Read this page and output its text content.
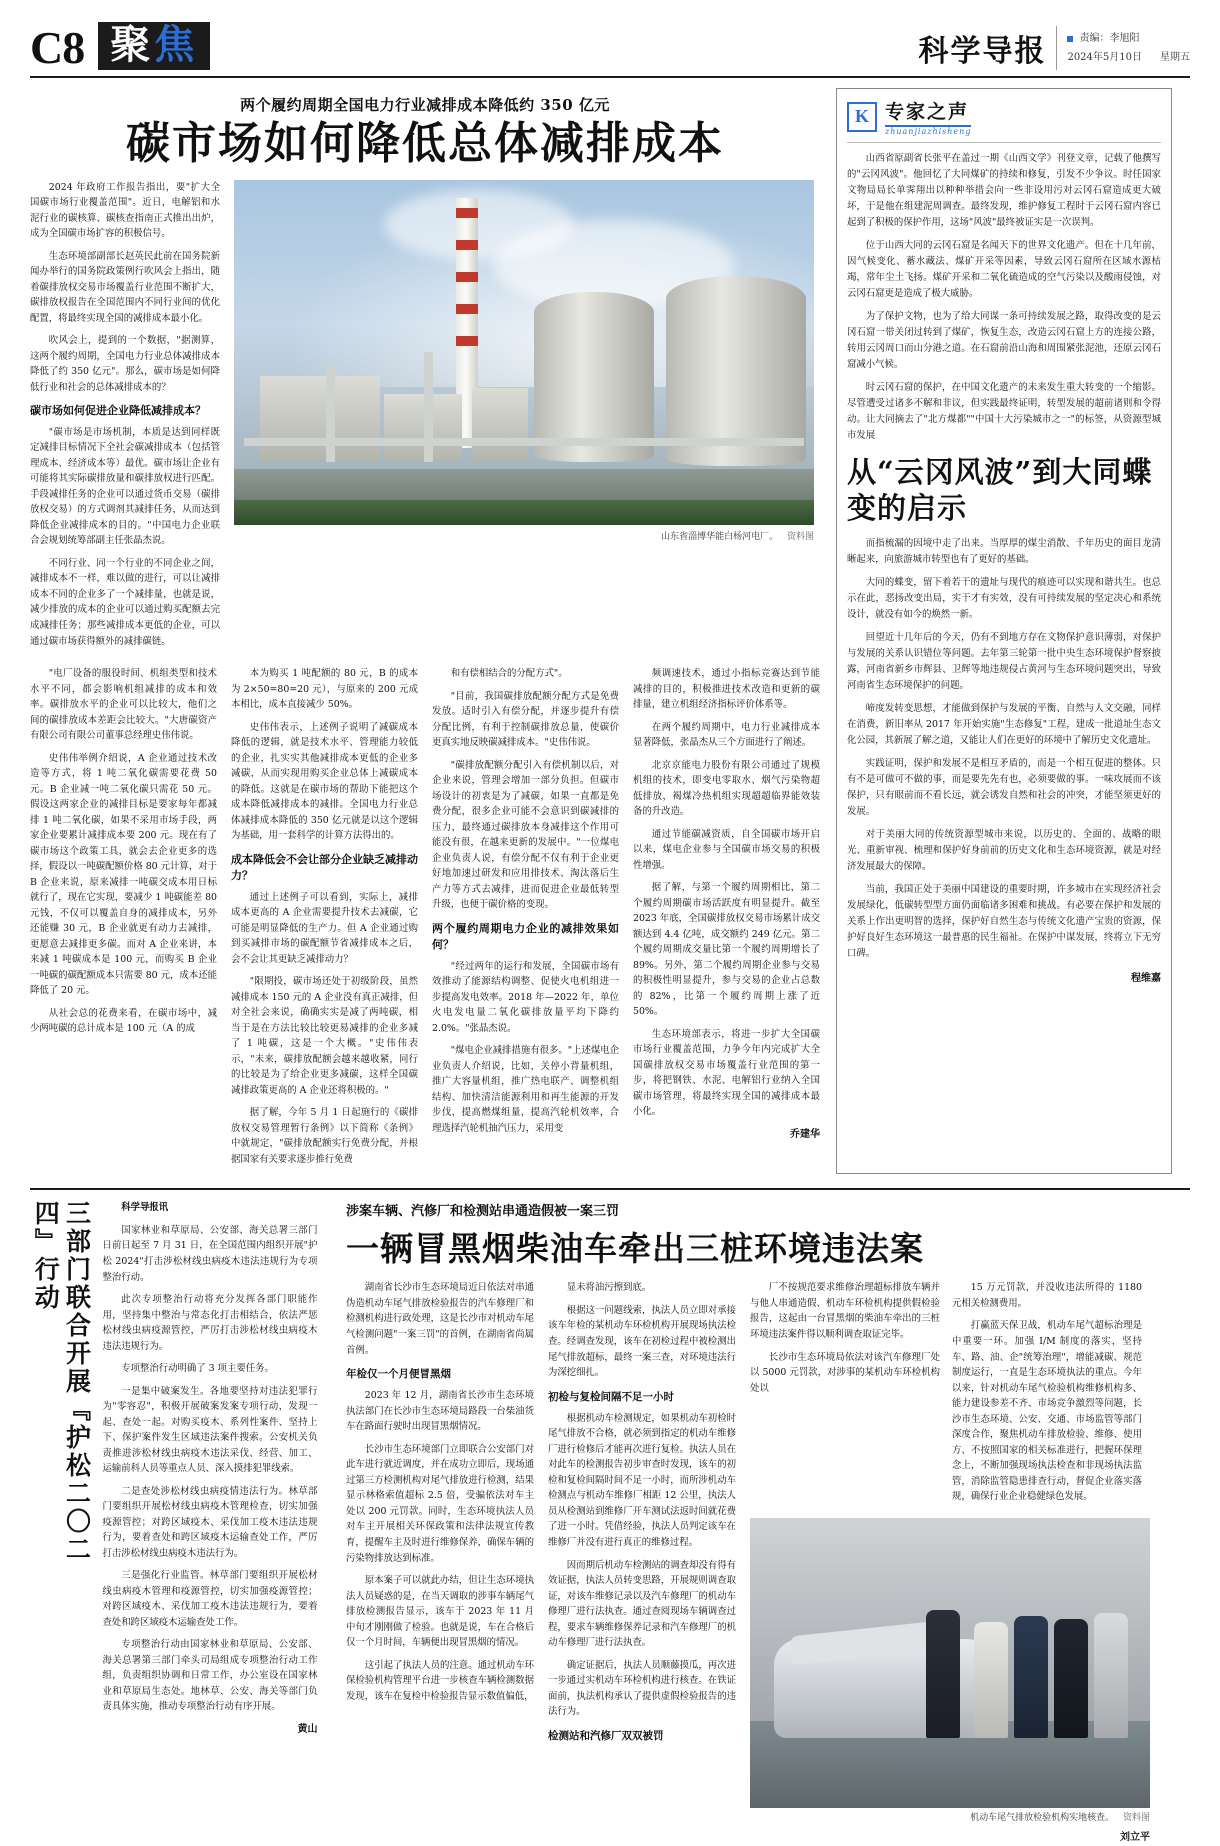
C8 聚焦	科学导报	责编：李旭阳
2024年5月10日 星期五
两个履约周期全国电力行业减排成本降低约 350 亿元
碳市场如何降低总体减排成本

2024 年政府工作报告指出，要"扩大全国碳市场行业覆盖范围"。近日，电解铝和水泥行业的碳核算、碳核查指南正式推出出炉，成为全国碳市场扩容的积极信号。

生态环境部副部长赵英民此前在国务院新闻办举行的国务院政策例行吹风会上指出，随着碳排放权交易市场覆盖行业范围不断扩大，碳排放权报告在全国范围内不同行业间的优化配置，将最终实现全国的减排成本最小化。

吹风会上，提到的一个数据，"据测算，这两个履约周期，全国电力行业总体减排成本降低了约 350 亿元"。那么，碳市场是如何降低行业和社会的总体减排成本的？

碳市场如何促进企业降低减排成本？

"碳市场是市场机制，本质是达到同样既定减排目标情况下全社会碳减排成本（包括管理成本、经济成本等）最优。碳市场让企业有可能将其实际碳排放量和碳排放权进行匹配。手段减排任务的企业可以通过货币交易（碳排放权交易）的方式调剂其减排任务，从而达到降低企业减排成本的目的。"中国电力企业联合会规划统筹部副主任张晶杰说。

不同行业、同一个行业的不同企业之间，减排成本不一样，难以做的进行，可以让减排成本不同的企业多了一个减排量，也就是说，减少排放的成本的企业可以通过购买配额去完成减排任务；那些减排成本更低的企业，可以通过碳市场获得额外的减排碳链。

山东省淄博华能白杨河电厂。 资料图

"电厂设备的服役时间、机组类型和技术水平不同，都会影响机组减排的成本和效率。碳排放水平的企业可以比较大，他们之间的碳排放成本差距会比较大。"大唐碳资产有限公司有限公司董事总经理史伟伟说。

史伟伟举例介绍说，A 企业通过技术改造等方式，将 1 吨二氧化碳需要花费 50 元。B 企业减一吨二氧化碳只需花 50 元。假设这两家企业的减排目标是要家每年都减排 1 吨二氧化碳，如果不采用市场手段，两家企业要累计减排成本要 200 元。现在有了碳市场这个政策工具，就会去企业更多的选择，假设以一吨碳配额价格 80 元计算，对于 B 企业来说，原来减排一吨碳交成本用日标就行了，现在它实现，要减少 1 吨碳能差 80 元钱，不仅可以覆盖自身的减排成本，另外还能赚 30 元，B 企业就更有动力去减排，更愿意去减排更多碳。而对 A 企业来讲，本来减 1 吨碳成本是 100 元，而购买 B 企业一吨碳的碳配额成本只需要 80 元，成本还能降低了 20 元。

从社会总的花费来看，在碳市场中，减少两吨碳的总计成本是 100 元（A 的成

本为购买 1 吨配额的 80 元，B 的成本为 2×50=80=20 元），与原来的 200 元成本相比，成本直接减少 50%。

史伟伟表示，上述例子说明了减碳成本降低的逻辑，就是技术水平、管理能力较低的企业，扎实实其他减排成本更低的企业多减碳，从而实现用购买企业总体上减碳成本的降低。这就是在碳市场的帮助下能把这个成本降低减排成本的减排。全国电力行业总体减排成本降低的 350 亿元就是以这个逻辑为基础，用一套科学的计算方法得出的。

成本降低会不会让部分企业缺乏减排动力？

通过上述例子可以看到，实际上，减排成本更高的 A 企业需要提升技术去减碳，它可能是明显降低的生产力。但 A 企业通过购到买减排市场的碳配额节省减排成本之后，会不会让其更缺乏减排动力？

"限期投，碳市场还处于初级阶段，虽然减排成本 150 元的 A 企业没有真正减排，但对全社会来说，确确实实是减了两吨碳，相当于是在方法比较比较更易减排的企业多减了 1 吨碳，这是一个大概。"史伟伟表示，"未来，碳排放配额会越来越收紧，同行的比较是为了给企业更多减碳，这样全国碳减排政策更高的 A 企业还将积极的。"

据了解，今年 5 月 1 日起施行的《碳排放权交易管理暂行条例》以下简称《条例》中就规定，"碳排放配额实行免费分配，并根据国家有关要求逐步推行免费

和有偿相结合的分配方式"。

"目前，我国碳排放配额分配方式是免费发放。适时引入有偿分配，并逐步提升有偿分配比例，有利于控制碳排放总量，使碳价更真实地反映碳减排成本。"史伟伟说。

"碳排放配额分配引入有偿机制以后，对企业来说，管理会增加一部分负担。但碳市场设计的初衷是为了减碳，如果一直都是免费分配，很多企业可能不会意识到碳减排的压力，最终通过碳排放本身减排这个作用可能没有很，在越来更新的发展中。"一位煤电企业负责人说，有偿分配不仅有利于企业更好地加速过研发和应用排技术、淘汰落后生产力等方式去减排，进而促进企业最低转型升级，也便于碳价格的变现。

两个履约周期电力企业的减排效果如何？

"经过两年的运行和发展，全国碳市场有效推动了能源结构调整、促使火电机组进一步提高发电效率。2018 年—2022 年，单位火电发电量二氧化碳排放量平均下降约 2.0%。"张晶杰说。

"煤电企业减排措施有很多。"上述煤电企业负责人介绍说，比如，关停小背量机组，推广大容量机组，推广热电联产、调整机组结构、加快清洁能源利用和再生能源的开发步伐，提高燃煤组量，提高汽轮机效率，合理选择汽轮机抽汽压力，采用变

频调速技术，通过小指标竞赛达到节能减排的目的，积极推进技术改造和更新的碳排量，建立机组经济指标评价体系等。

在两个履约周期中，电力行业减排成本显著降低，张晶杰从三个方面进行了阐述。

北京京能电力股份有限公司通过了规模机组的技术，即变电零取水、烟气污染物超低排放，褐煤冷热机组实现超超临界能效装备的升改造。

通过节能碳减资质，自全国碳市场开启以来，煤电企业参与全国碳市场交易的积极性增强。

据了解，与第一个履约周期相比，第二个履约周期碳市场活跃度有明显提升。截至 2023 年底，全国碳排放权交易市场累计成交额达到 4.4 亿吨，成交额约 249 亿元。第二个履约周期成交量比第一个履约周期增长了 89%。另外，第二个履约周期企业参与交易的积极性明显提升，参与交易的企业占总数的 82%，比第一个履约周期上涨了近 50%。

生态环境部表示，将进一步扩大全国碳市场行业覆盖范围，力争今年内完成扩大全国碳排放权交易市场覆盖行业范围的第一步，将把钢铁、水泥、电解铝行业纳入全国碳市场管理，将最终实现全国的减排成本最小化。

乔建华
K 专家之声
zhuanjiazhisheng

山西省原副省长张平在盖过一期《山西文学》刊登文章，记载了他撰写的"云冈风波"。他回忆了大同煤矿的持续和修复，引发不少争议。时任国家文物局局长单霁翔出以种种举措会向一些非设用污对云冈石窟造成更大破坏，于是他在组建泥周调查。最终发现，维护修复工程时于云冈石窟内容已起到了积极的保护作用，这场"风波"最终被证实是一次误判。

位于山西大同的云冈石窟是名闻天下的世界文化遗产。但在十几年前，因气候变化、蓄水藏法、煤矿开采等因素，导致云冈石窟所在区域水源枯竭，常年尘土飞扬。煤矿开采和二氧化硫造成的空气污染以及酸雨侵蚀，对云冈石窟更是造成了极大威胁。

为了保护文物，也为了给大同谋一条可持续发展之路，取得改变的是云冈石窟一带关闭过转到了煤矿，恢复生态，改造云冈石窟上方的连接公路，转用云冈周口而山分港之道。在石窟前沿山海和周围紧张泥池，还原云冈石窟减小气候。

时云冈石窟的保护，在中国文化遗产的未来发生重大转变的一个缩影。尽管遭受过诸多不解和非议，但实践最终证明，转型发展的超前诸则和令得动。让大同摘去了"北方煤都""中国十大污染城市之一"的标签，从资源型城市发展

从“云冈风波”到大同蝶变的启示

而指梳漏的因境中走了出来。当厚厚的煤尘消散、千年历史的面目龙清晰起来，向旅游城市转型也有了更好的基础。

大同的蝶变，留下着若干的遗址与现代的痕迹可以实现和谐共生。也总示在此，恶扬改变出局，实干才有实效，没有可持续发展的坚定决心和系统设计，就没有如今的焕然一新。

回望近十几年后的今天，仍有不到地方存在文物保护意识薄弱，对保护与发展的关系认识错位等问题。去年第三轮第一批中央生态环境保护督察披露，河南省新乡市辉县、卫辉等地违规侵占黄河与生态环境问题突出，导致河南省生态环境保护的问题。

啼度发转变思想，才能做到保护与发展的平衡、自然与人文交融，同样在消费，新旧率从 2017 年开始实施"生态修复"工程，建成一批道址生态文化公园，其新展了解之道，又能让人们在更好的环境中了解历史文化遗址。

实践证明，保护和发展不是相互矛盾的，而是一个相互促进的整体。只有不是可做可不做的事，而是要先先有也，必须要做的事。一味攻展而不该保护，只有眼前而不看长远，就会诱发自然和社会的冲突，才能坚须更好的发展。

对于美丽大同的传统资源型城市来说，以历史的、全面的、战略的眼光、重新审视、梳理和保护好身前前的历史文化和生态环境资源，就是对经济发展最大的保障。

当前，我国正处于美丽中国建设的重要时期，许多城市在实现经济社会发展绿化，低碳转型型方面仍面临诸多困难和挑战。有必要在保护和发展的关系上作出更明智的选择，保护好自然生态与传统文化遗产宝贵的资源，保护好良好生态环境这一最普惠的民生福祉。在保护中谋发展，终将立下无穷口碑。

程维嘉
三部门联合开展『护松二〇二四』行动	科学导报讯

国家林业和草原局、公安部、海关总署三部门日前日起至 7 月 31 日，在全国范围内组织开展"护松 2024"打击涉松材线虫病疫木违法违规行为专项整治行动。

此次专项整治行动将充分发挥各部门职能作用，坚持集中整治与常态化打击相结合，依法严惩松材线虫病疫源管控，严厉打击涉松材线虫病疫木违法违规行为。

专项整治行动明确了 3 项主要任务。

一是集中破案发生。各地要坚持对违法犯罪行为"零容忍"，积极开展破案发案专项行动，发现一起、查处一起。对购买疫木、系列性案件、坚持上下、保护案件发生区域违法案件搜索。公安机关负责推进涉松材线虫病疫木违法采伐、经营、加工、运输前科人员等重点人员、深入摸排犯罪线索。

二是查处涉松材线虫病疫情违法行为。林草部门要组织开展松材线虫病疫木管理检查，切实加强疫源管控；对跨区域疫木、采伐加工疫木违法违规行为，要着查处和跨区域疫木运输查处工作，严厉打击涉松材线虫病疫木违法行为。

三是强化行业监管。林草部门要组织开展松材线虫病疫木管理和疫源管控，切实加强疫源管控；对跨区域疫木、采伐加工疫木违法违规行为，要着查处和跨区域疫木运输查处工作。

专项整治行动由国家林业和草原局、公安部、海关总署第三部门牵头司局组成专项整治行动工作组，负责组织协调和日常工作，办公室设在国家林业和草原局生态处。地林草、公安、海关等部门负责具体实施，推动专项整治行动有序开展。

黄山
涉案车辆、汽修厂和检测站串通造假被一案三罚
一辆冒黑烟柴油车牵出三桩环境违法案

湖南省长沙市生态环境局近日依法对串通伪造机动车尾气排放检验报告的汽车修理厂和检测机构进行政处理，这是长沙市对机动车尾气检测问题"一案三罚"的首例，在湖南省尚属首例。

年检仅一个月便冒黑烟

2023 年 12 月，湖南省长沙市生态环境执法部门在长沙市生态环境局路段一台柴油货车在路面行驶时出现冒黑烟情况。

长沙市生态环境部门立即联合公安部门对此车进行就近调度，并在成功立即后，现场通过第三方检测机构对尾气排放进行检测，结果显示林格索值超标 2.5 倍，受骗依法对车主处以 200 元罚款。同时，生态环境执法人员对车主开展相关环保政策和法律法规宣传教育，提醒车主及时进行维修保养，确保车辆的污染物排放达到标准。

原本案子可以就此办结，但让生态环境执法人员疑惑的是，在当天调取的涉事车辆尾气排放检测报告显示，该车于 2023 年 11 月中旬才刚刚做了检验。也就是说，车在合格后仅一个月时间，车辆便出现冒黑烟的情况。

这引起了执法人员的注意。通过机动车环保检验机构管理平台进一步核查车辆检测数据发现，该车在复检中检验报告显示数值偏低，

显未将油污擦到底。

根据这一问题线索，执法人员立即对承接该车年检的某机动车环检机构开展现场执法检查。经调查发现，该车在初检过程中被检测出尾气排放超标，最终一案三查，对环境违法行为深挖细扎。

初检与复检间隔不足一小时

根据机动车检测规定，如果机动车初检时尾气排放不合格，就必须到指定的机动车维修厂进行检修后才能再次进行复检。执法人员在对此车的检测报告初步审查时发现，该车的初检和复检间隔时间不足一小时，而所涉机动车检测点与机动车维修厂相距 12 公里，执法人员从检测站到维修厂开车测试法返时间就花费了进一小时。凭借经验，执法人员判定该车在维修厂并没有进行真正的维修过程。

因而期后机动车检测站的调查却没有得有效证据，执法人员转变思路，开展规则调查取证，对该车维修记录以及汽车修理厂的机动车修理厂进行法执查。通过查阅现场车辆调查过程，要求车辆维修保养记录和汽车修理厂的机动车修理厂进行法执查。

确定证据后，执法人员顺藤摸瓜，再次进一步通过实机动车环检机构进行核查。在铁证面前，执法机构承认了提供虚假检验报告的违法行为。

检测站和汽修厂双双被罚

厂不按规范要求维修治理超标排放车辆并与他人串通造假、机动车环检机构提供假检验报告，这起由一台冒黑烟的柴油车牵出的三桩环境违法案件得以顺利调查取证完毕。

长沙市生态环境局依法对该汽车修理厂处以 5000 元罚款，对涉事的某机动车环检机构处以

15 万元罚款，并没收违法所得的 1180 元相关检测费用。

打赢蓝天保卫战，机动车尾气超标治理是中重要一环。加强 I/M 制度的落实，坚持车、路、油、企"统筹治理"，增能减碳、规范制度运行，一直是生态环境执法的重点。今年以来，针对机动车尾气检验机构维修机构多、能力建设参差不齐、市场竞争激烈等问题，长沙市生态环境、公安、交通、市场监管等部门深度合作，聚焦机动车排放检验、维修、使用方、不按照国家的相关标准进行，把握环保理念上，不断加强现场执法检查和非现场执法监管，消除监管隐患排查行动，督促企业落实落规，确保行业企业稳健绿色发展。

机动车尾气排放检验机构实地核查。 资料图
刘立平
